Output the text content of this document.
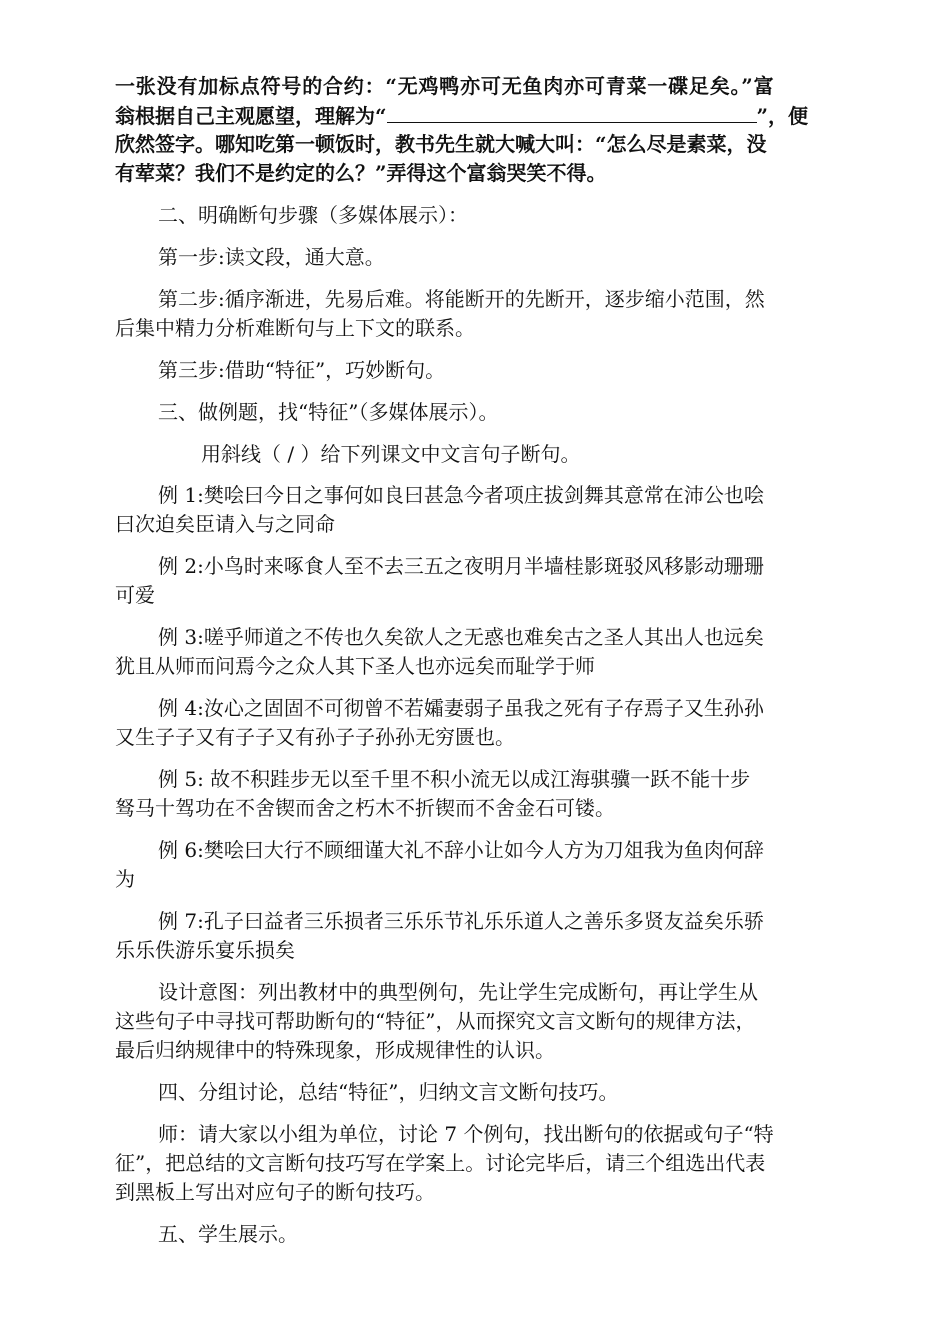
一张没有加标点符号的合约：“无鸡鸭亦可无鱼肉亦可青菜一碟足矣。”富
翁根据自己主观愿望，理解为“	”，便
欣然签字。哪知吃第一顿饭时，教书先生就大喊大叫：“怎么尽是素菜，没
有荤菜？我们不是约定的么？”弄得这个富翁哭笑不得。
二、明确断句步骤（多媒体展示）：
第一步:读文段，通大意。
第二步:循序渐进，先易后难。将能断开的先断开，逐步缩小范围，然
后集中精力分析难断句与上下文的联系。
第三步:借助“特征”，巧妙断句。
三、做例题，找“特征”（多媒体展示）。
用斜线（ / ）给下列课文中文言句子断句。
例 1:樊哙曰今日之事何如良曰甚急今者项庄拔剑舞其意常在沛公也哙
曰次迫矣臣请入与之同命
例 2:小鸟时来啄食人至不去三五之夜明月半墙桂影斑驳风移影动珊珊
可爱
例 3:嗟乎师道之不传也久矣欲人之无惑也难矣古之圣人其出人也远矣
犹且从师而问焉今之众人其下圣人也亦远矣而耻学于师
例 4:汝心之固固不可彻曾不若孀妻弱子虽我之死有子存焉子又生孙孙
又生子子又有子子又有孙子子孙孙无穷匮也。
例 5: 故不积跬步无以至千里不积小流无以成江海骐骥一跃不能十步
驽马十驾功在不舍锲而舍之朽木不折锲而不舍金石可镂。
例 6:樊哙曰大行不顾细谨大礼不辞小让如今人方为刀俎我为鱼肉何辞
为
例 7:孔子曰益者三乐损者三乐乐节礼乐乐道人之善乐多贤友益矣乐骄
乐乐佚游乐宴乐损矣
设计意图：列出教材中的典型例句，先让学生完成断句，再让学生从
这些句子中寻找可帮助断句的“特征”，从而探究文言文断句的规律方法，
最后归纳规律中的特殊现象，形成规律性的认识。
四、分组讨论，总结“特征”，归纳文言文断句技巧。
师：请大家以小组为单位，讨论 7 个例句，找出断句的依据或句子“特
征”，把总结的文言断句技巧写在学案上。讨论完毕后，请三个组选出代表
到黑板上写出对应句子的断句技巧。
五、学生展示。
